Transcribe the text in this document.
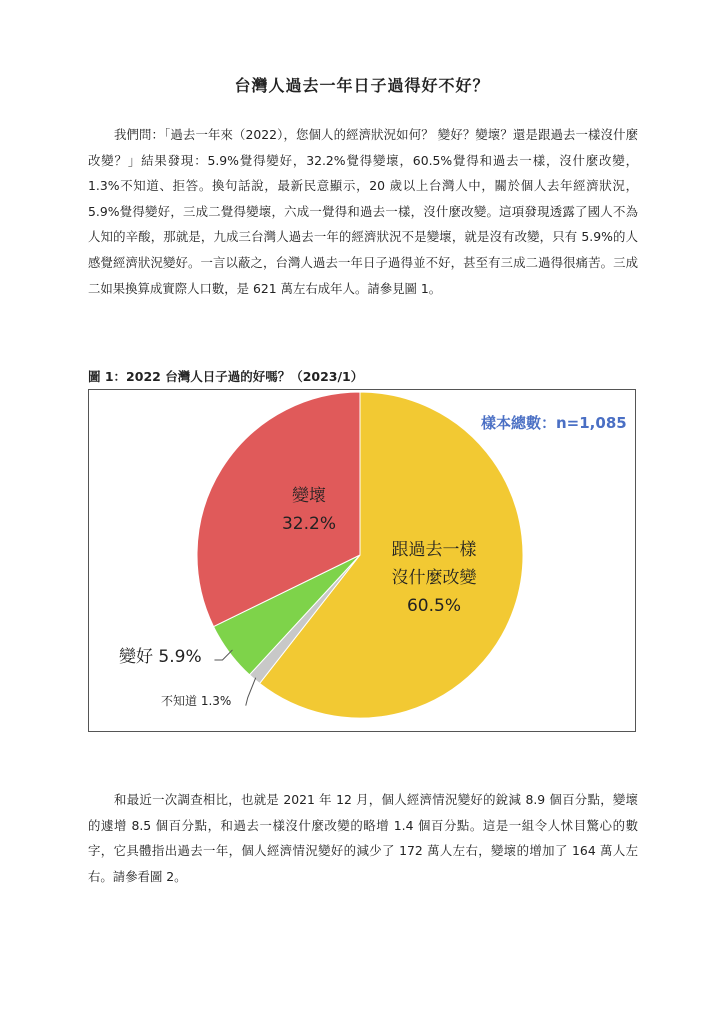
台灣人過去一年日子過得好不好？

我們問：「過去一年來（2022），您個人的經濟狀況如何？ 變好？變壞？還是跟過去一樣沒什麼改變？」結果發現：5.9%覺得變好，32.2%覺得變壞，60.5%覺得和過去一樣，沒什麼改變，1.3%不知道、拒答。換句話說，最新民意顯示，20 歲以上台灣人中，關於個人去年經濟狀況，5.9%覺得變好，三成二覺得變壞，六成一覺得和過去一樣，沒什麼改變。這項發現透露了國人不為人知的辛酸，那就是，九成三台灣人過去一年的經濟狀況不是變壞，就是沒有改變，只有 5.9%的人感覺經濟狀況變好。一言以蔽之，台灣人過去一年日子過得並不好，甚至有三成二過得很痛苦。三成二如果換算成實際人口數，是 621 萬左右成年人。請參見圖 1。

圖 1：2022 台灣人日子過的好嗎？（2023/1）
樣本總數：n=1,085
變壞
32.2%
跟過去一樣
沒什麼改變
60.5%
變好 5.9%
不知道 1.3%

和最近一次調查相比，也就是 2021 年 12 月，個人經濟情況變好的銳減 8.9 個百分點，變壞的遽增 8.5 個百分點，和過去一樣沒什麼改變的略增 1.4 個百分點。這是一組令人怵目驚心的數字，它具體指出過去一年，個人經濟情況變好的減少了 172 萬人左右，變壞的增加了 164 萬人左右。請參看圖 2。
